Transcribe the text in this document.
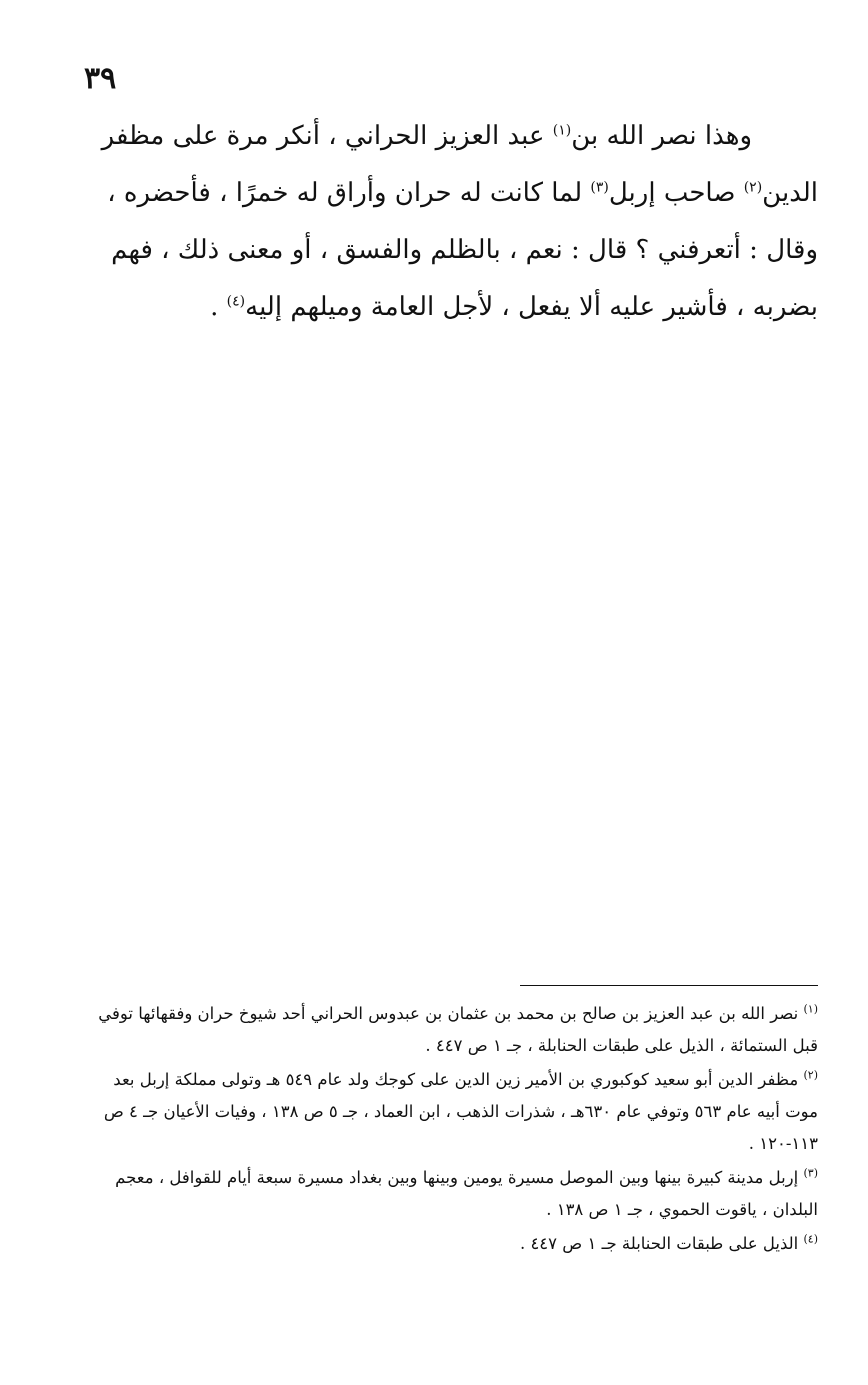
٣٩

وهذا نصر الله بن$^{(١)}$ عبد العزيز الحراني ، أنكر مرة على مظفر الدين$^{(٢)}$ صاحب إربل$^{(٣)}$ لما كانت له حران وأراق له خمرًا ، فأحضره ، وقال : أتعرفني ؟ قال : نعم ، بالظلم والفسق ، أو معنى ذلك ، فهم بضربه ، فأشير عليه ألا يفعل ، لأجل العامة وميلهم إليه$^{(٤)}$ .

$^{(١)}$ نصر الله بن عبد العزيز بن صالح بن محمد بن عثمان بن عبدوس الحراني أحد شيوخ حران وفقهائها توفي قبل الستمائة ، الذيل على طبقات الحنابلة ، جـ ١ ص ٤٤٧ .

$^{(٢)}$ مظفر الدين أبو سعيد كوكبوري بن الأمير زين الدين على كوجك ولد عام ٥٤٩ هـ وتولى مملكة إربل بعد موت أبيه عام ٥٦٣ وتوفي عام ٦٣٠هـ ، شذرات الذهب ، ابن العماد ، جـ ٥ ص ١٣٨ ، وفيات الأعيان جـ ٤ ص ١١٣-١٢٠ .

$^{(٣)}$ إربل مدينة كبيرة بينها وبين الموصل مسيرة يومين وبينها وبين بغداد مسيرة سبعة أيام للقوافل ، معجم البلدان ، ياقوت الحموي ، جـ ١ ص ١٣٨ .

$^{(٤)}$ الذيل على طبقات الحنابلة جـ ١ ص ٤٤٧ .
